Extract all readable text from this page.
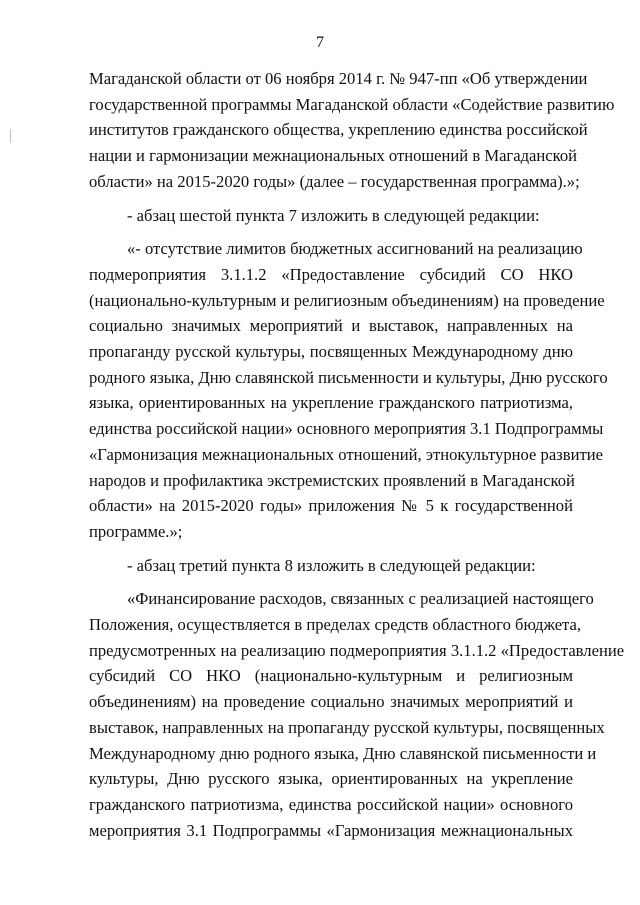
7
Магаданской области от 06 ноября 2014 г. № 947-пп «Об утверждении
государственной программы Магаданской области «Содействие развитию
институтов гражданского общества, укреплению единства российской
нации и гармонизации межнациональных отношений в Магаданской
области» на 2015-2020 годы» (далее – государственная программа).»;
- абзац шестой пункта 7 изложить в следующей редакции:
«- отсутствие лимитов бюджетных ассигнований на реализацию
подмероприятия 3.1.1.2 «Предоставление субсидий СО НКО
(национально-культурным и религиозным объединениям) на проведение
социально значимых мероприятий и выставок, направленных на
пропаганду русской культуры, посвященных Международному дню
родного языка, Дню славянской письменности и культуры, Дню русского
языка, ориентированных на укрепление гражданского патриотизма,
единства российской нации» основного мероприятия 3.1 Подпрограммы
«Гармонизация межнациональных отношений, этнокультурное развитие
народов и профилактика экстремистских проявлений в Магаданской
области» на 2015-2020 годы» приложения № 5 к государственной
программе.»;
- абзац третий пункта 8 изложить в следующей редакции:
«Финансирование расходов, связанных с реализацией настоящего
Положения, осуществляется в пределах средств областного бюджета,
предусмотренных на реализацию подмероприятия 3.1.1.2 «Предоставление
субсидий СО НКО (национально-культурным и религиозным
объединениям) на проведение социально значимых мероприятий и
выставок, направленных на пропаганду русской культуры, посвященных
Международному дню родного языка, Дню славянской письменности и
культуры, Дню русского языка, ориентированных на укрепление
гражданского патриотизма, единства российской нации» основного
мероприятия 3.1 Подпрограммы «Гармонизация межнациональных
